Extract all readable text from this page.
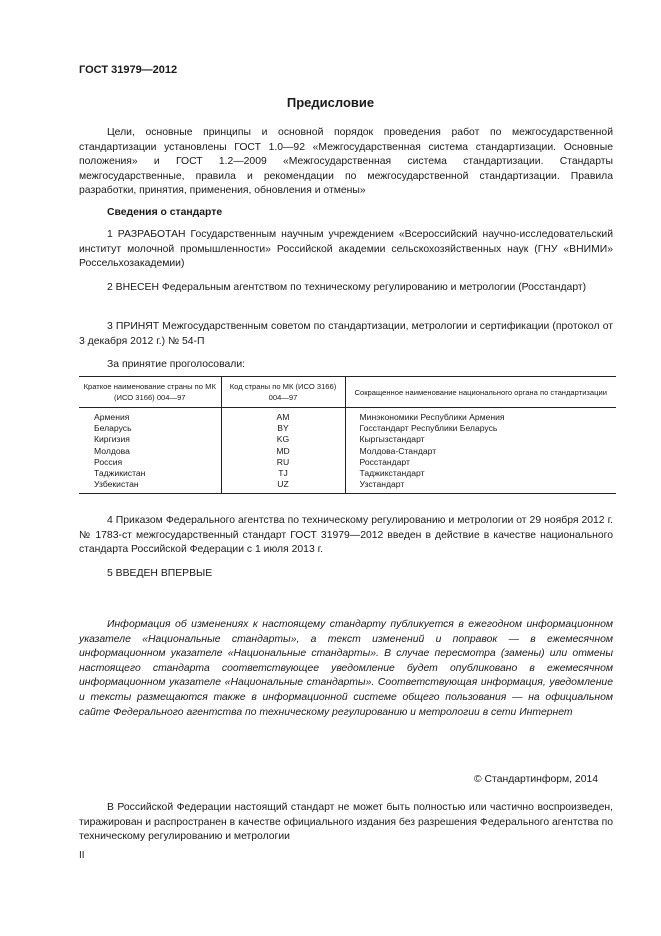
ГОСТ 31979—2012
Предисловие
Цели, основные принципы и основной порядок проведения работ по межгосударственной стандартизации установлены ГОСТ 1.0—92 «Межгосударственная система стандартизации. Основные положения» и ГОСТ 1.2—2009 «Межгосударственная система стандартизации. Стандарты межгосударственные, правила и рекомендации по межгосударственной стандартизации. Правила разработки, принятия, применения, обновления и отмены»
Сведения о стандарте
1 РАЗРАБОТАН Государственным научным учреждением «Всероссийский научно-исследовательский институт молочной промышленности» Российской академии сельскохозяйственных наук (ГНУ «ВНИМИ» Россельхозакадемии)
2 ВНЕСЕН Федеральным агентством по техническому регулированию и метрологии (Росстандарт)
3 ПРИНЯТ Межгосударственным советом по стандартизации, метрологии и сертификации (протокол от 3 декабря 2012 г.) № 54-П
За принятие проголосовали:
Краткое наименование страны по МК (ИСО 3166) 004—97	Код страны по МК (ИСО 3166) 004—97	Сокращенное наименование национального органа по стандартизации
Армения	AM	Минэкономики Республики Армения
Беларусь	BY	Госстандарт Республики Беларусь
Киргизия	KG	Кыргызстандарт
Молдова	MD	Молдова-Стандарт
Россия	RU	Росстандарт
Таджикистан	TJ	Таджикстандарт
Узбекистан	UZ	Узстандарт
4 Приказом Федерального агентства по техническому регулированию и метрологии от 29 ноября 2012 г. № 1783-ст межгосударственный стандарт ГОСТ 31979—2012 введен в действие в качестве национального стандарта Российской Федерации с 1 июля 2013 г.
5 ВВЕДЕН ВПЕРВЫЕ
Информация об изменениях к настоящему стандарту публикуется в ежегодном информационном указателе «Национальные стандарты», а текст изменений и поправок — в ежемесячном информационном указателе «Национальные стандарты». В случае пересмотра (замены) или отмены настоящего стандарта соответствующее уведомление будет опубликовано в ежемесячном информационном указателе «Национальные стандарты». Соответствующая информация, уведомление и тексты размещаются также в информационной системе общего пользования — на официальном сайте Федерального агентства по техническому регулированию и метрологии в сети Интернет
© Стандартинформ, 2014
В Российской Федерации настоящий стандарт не может быть полностью или частично воспроизведен, тиражирован и распространен в качестве официального издания без разрешения Федерального агентства по техническому регулированию и метрологии
II
